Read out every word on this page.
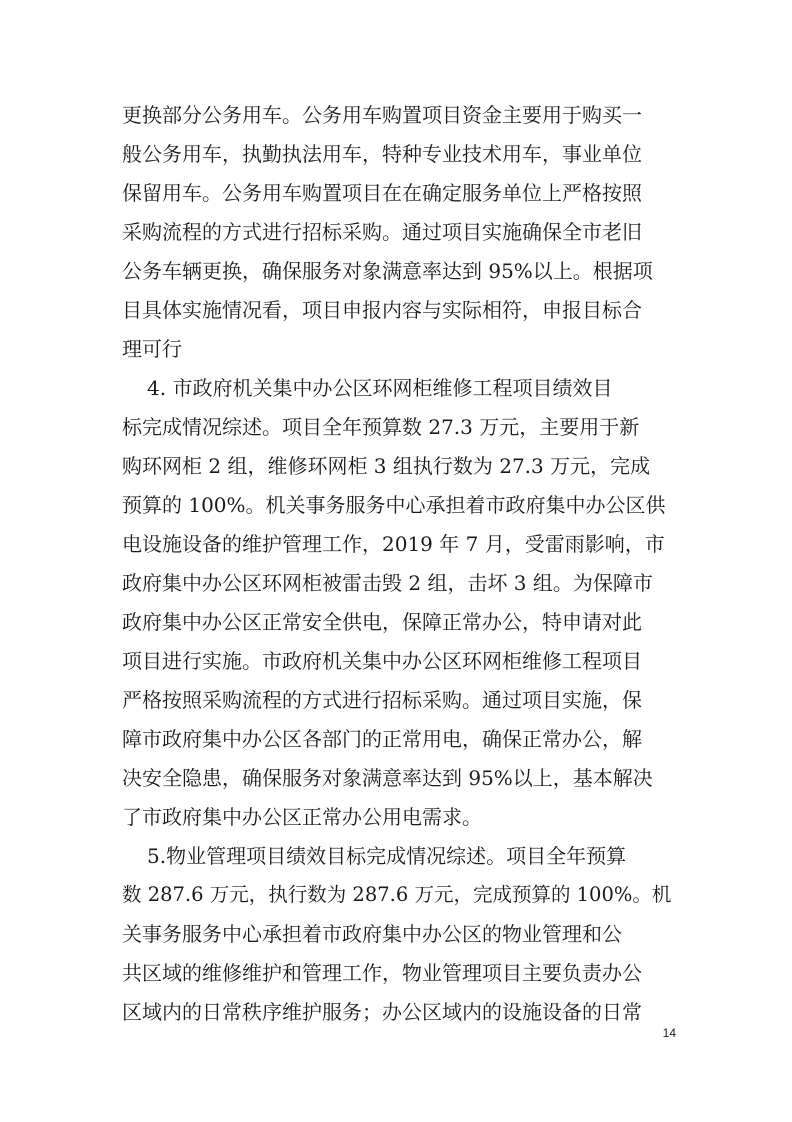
更换部分公务用车。公务用车购置项目资金主要用于购买一
般公务用车，执勤执法用车，特种专业技术用车，事业单位
保留用车。公务用车购置项目在在确定服务单位上严格按照
采购流程的方式进行招标采购。通过项目实施确保全市老旧
公务车辆更换，确保服务对象满意率达到 95%以上。根据项
目具体实施情况看，项目申报内容与实际相符，申报目标合
理可行
4. 市政府机关集中办公区环网柜维修工程项目绩效目
标完成情况综述。项目全年预算数 27.3 万元，主要用于新
购环网柜 2 组，维修环网柜 3 组执行数为 27.3 万元，完成
预算的 100%。机关事务服务中心承担着市政府集中办公区供
电设施设备的维护管理工作，2019 年 7 月，受雷雨影响，市
政府集中办公区环网柜被雷击毁 2 组，击坏 3 组。为保障市
政府集中办公区正常安全供电，保障正常办公，特申请对此
项目进行实施。市政府机关集中办公区环网柜维修工程项目
严格按照采购流程的方式进行招标采购。通过项目实施，保
障市政府集中办公区各部门的正常用电，确保正常办公，解
决安全隐患，确保服务对象满意率达到 95%以上，基本解决
了市政府集中办公区正常办公用电需求。
5.物业管理项目绩效目标完成情况综述。项目全年预算
数 287.6 万元，执行数为 287.6 万元，完成预算的 100%。机
关事务服务中心承担着市政府集中办公区的物业管理和公
共区域的维修维护和管理工作，物业管理项目主要负责办公
区域内的日常秩序维护服务；办公区域内的设施设备的日常
14
